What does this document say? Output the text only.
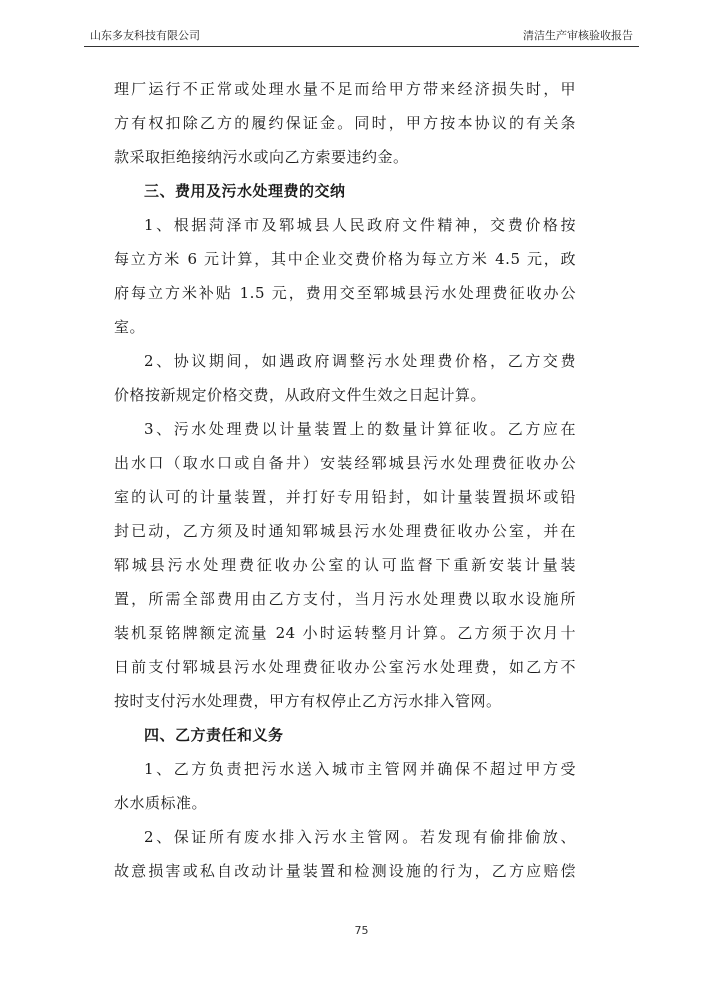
山东多友科技有限公司	清洁生产审核验收报告
理厂运行不正常或处理水量不足而给甲方带来经济损失时，甲
方有权扣除乙方的履约保证金。同时，甲方按本协议的有关条
款采取拒绝接纳污水或向乙方索要违约金。
三、费用及污水处理费的交纳
1、根据菏泽市及郓城县人民政府文件精神，交费价格按
每立方米 6 元计算，其中企业交费价格为每立方米 4.5 元，政
府每立方米补贴 1.5 元，费用交至郓城县污水处理费征收办公
室。
2、协议期间，如遇政府调整污水处理费价格，乙方交费
价格按新规定价格交费，从政府文件生效之日起计算。
3、污水处理费以计量装置上的数量计算征收。乙方应在
出水口（取水口或自备井）安装经郓城县污水处理费征收办公
室的认可的计量装置，并打好专用铅封，如计量装置损坏或铅
封已动，乙方须及时通知郓城县污水处理费征收办公室，并在
郓城县污水处理费征收办公室的认可监督下重新安装计量装
置，所需全部费用由乙方支付，当月污水处理费以取水设施所
装机泵铭牌额定流量 24 小时运转整月计算。乙方须于次月十
日前支付郓城县污水处理费征收办公室污水处理费，如乙方不
按时支付污水处理费，甲方有权停止乙方污水排入管网。
四、乙方责任和义务
1、乙方负责把污水送入城市主管网并确保不超过甲方受
水水质标准。
2、保证所有废水排入污水主管网。若发现有偷排偷放、
故意损害或私自改动计量装置和检测设施的行为，乙方应赔偿
75
